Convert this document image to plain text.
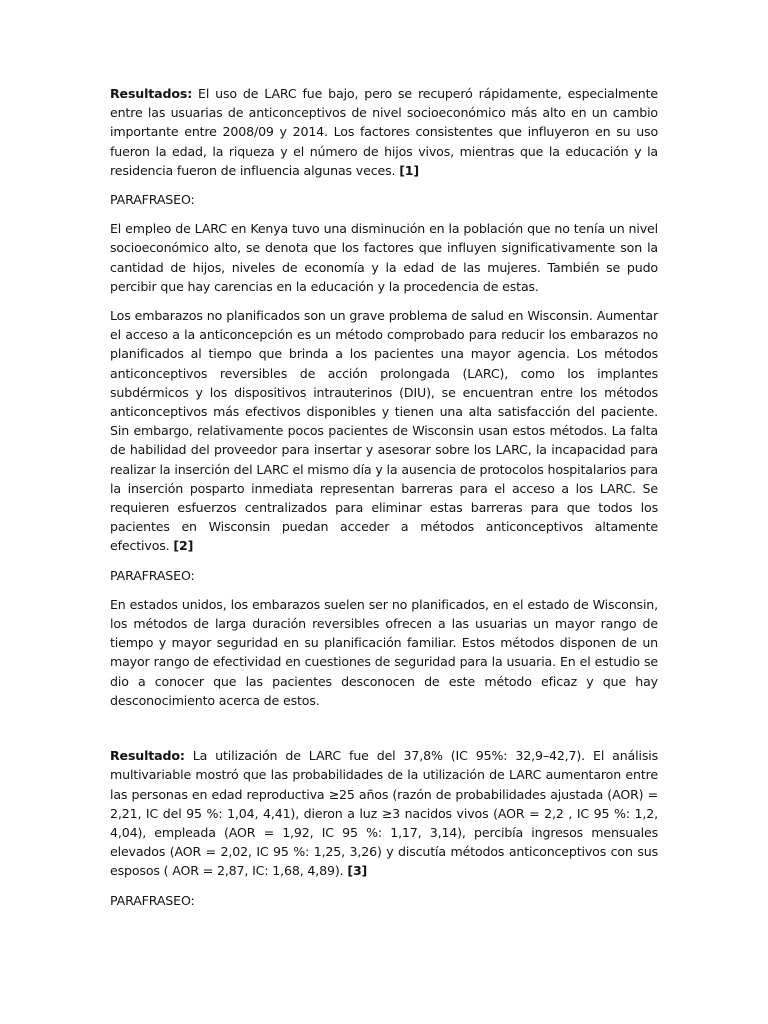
Resultados: El uso de LARC fue bajo, pero se recuperó rápidamente, especialmente entre las usuarias de anticonceptivos de nivel socioeconómico más alto en un cambio importante entre 2008/09 y 2014. Los factores consistentes que influyeron en su uso fueron la edad, la riqueza y el número de hijos vivos, mientras que la educación y la residencia fueron de influencia algunas veces. [1]

PARAFRASEO:

El empleo de LARC en Kenya tuvo una disminución en la población que no tenía un nivel socioeconómico alto, se denota que los factores que influyen significativamente son la cantidad de hijos, niveles de economía y la edad de las mujeres. También se pudo percibir que hay carencias en la educación y la procedencia de estas.

Los embarazos no planificados son un grave problema de salud en Wisconsin. Aumentar el acceso a la anticoncepción es un método comprobado para reducir los embarazos no planificados al tiempo que brinda a los pacientes una mayor agencia. Los métodos anticonceptivos reversibles de acción prolongada (LARC), como los implantes subdérmicos y los dispositivos intrauterinos (DIU), se encuentran entre los métodos anticonceptivos más efectivos disponibles y tienen una alta satisfacción del paciente. Sin embargo, relativamente pocos pacientes de Wisconsin usan estos métodos. La falta de habilidad del proveedor para insertar y asesorar sobre los LARC, la incapacidad para realizar la inserción del LARC el mismo día y la ausencia de protocolos hospitalarios para la inserción posparto inmediata representan barreras para el acceso a los LARC. Se requieren esfuerzos centralizados para eliminar estas barreras para que todos los pacientes en Wisconsin puedan acceder a métodos anticonceptivos altamente efectivos. [2]

PARAFRASEO:

En estados unidos, los embarazos suelen ser no planificados, en el estado de Wisconsin, los métodos de larga duración reversibles ofrecen a las usuarias un mayor rango de tiempo y mayor seguridad en su planificación familiar. Estos métodos disponen de un mayor rango de efectividad en cuestiones de seguridad para la usuaria. En el estudio se dio a conocer que las pacientes desconocen de este método eficaz y que hay desconocimiento acerca de estos.

Resultado: La utilización de LARC fue del 37,8% (IC 95%: 32,9–42,7). El análisis multivariable mostró que las probabilidades de la utilización de LARC aumentaron entre las personas en edad reproductiva ≥25 años (razón de probabilidades ajustada (AOR) = 2,21, IC del 95 %: 1,04, 4,41), dieron a luz ≥3 nacidos vivos (AOR = 2,2 , IC 95 %: 1,2, 4,04), empleada (AOR = 1,92, IC 95 %: 1,17, 3,14), percibía ingresos mensuales elevados (AOR = 2,02, IC 95 %: 1,25, 3,26) y discutía métodos anticonceptivos con sus esposos ( AOR = 2,87, IC: 1,68, 4,89). [3]

PARAFRASEO:
